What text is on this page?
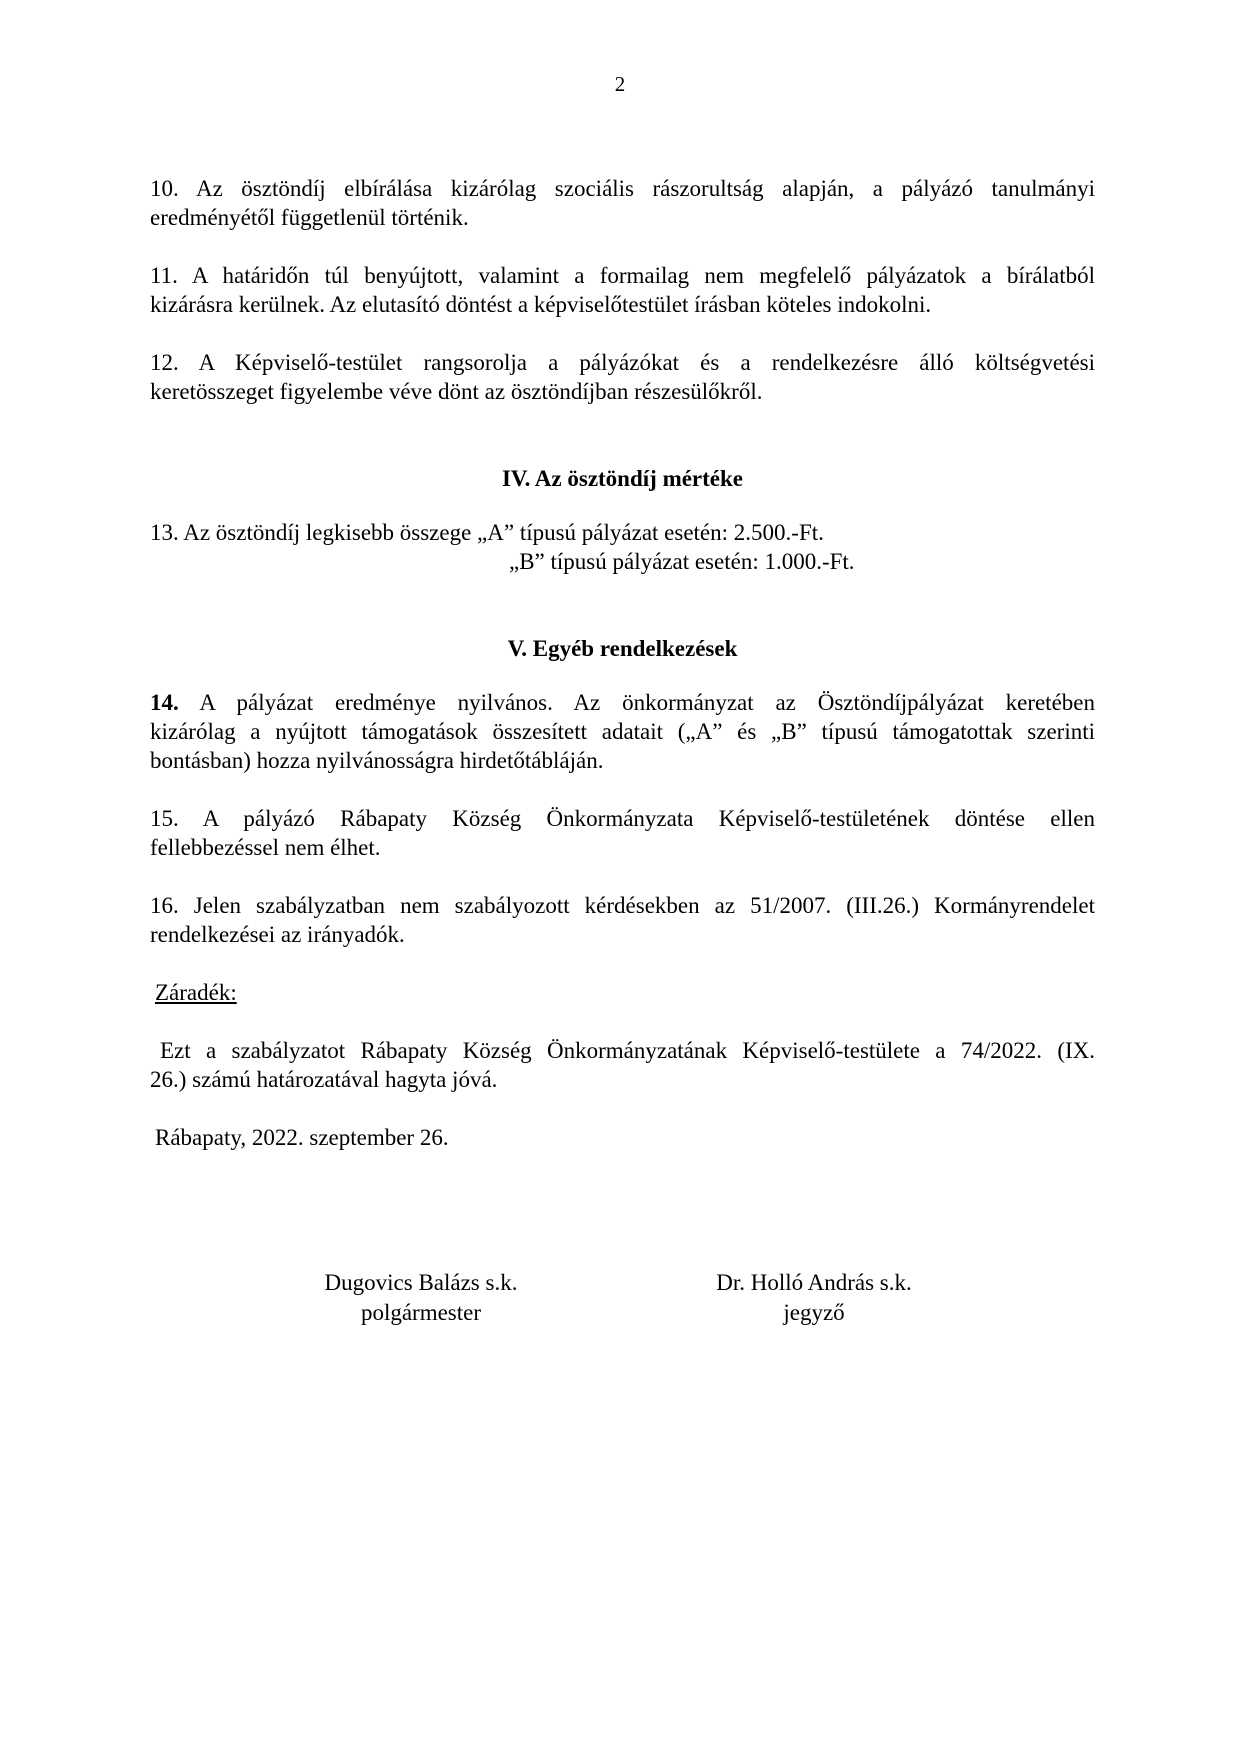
2
10. Az ösztöndíj elbírálása kizárólag szociális rászorultság alapján, a pályázó tanulmányi
eredményétől függetlenül történik.
11. A határidőn túl benyújtott, valamint a formailag nem megfelelő pályázatok a bírálatból
kizárásra kerülnek. Az elutasító döntést a képviselőtestület írásban köteles indokolni.
12. A Képviselő-testület rangsorolja a pályázókat és a rendelkezésre álló költségvetési
keretösszeget figyelembe véve dönt az ösztöndíjban részesülőkről.
IV. Az ösztöndíj mértéke
13. Az ösztöndíj legkisebb összege „A” típusú pályázat esetén: 2.500.-Ft.
„B” típusú pályázat esetén: 1.000.-Ft.
V. Egyéb rendelkezések
14. A pályázat eredménye nyilvános. Az önkormányzat az Ösztöndíjpályázat keretében
kizárólag a nyújtott támogatások összesített adatait („A” és „B” típusú támogatottak szerinti
bontásban) hozza nyilvánosságra hirdetőtábláján.
15. A pályázó Rábapaty Község Önkormányzata Képviselő-testületének döntése ellen
fellebbezéssel nem élhet.
16. Jelen szabályzatban nem szabályozott kérdésekben az 51/2007. (III.26.) Kormányrendelet
rendelkezései az irányadók.
Záradék:
Ezt a szabályzatot Rábapaty Község Önkormányzatának Képviselő-testülete a 74/2022. (IX.
26.) számú határozatával hagyta jóvá.
Rábapaty, 2022. szeptember 26.
Dugovics Balázs s.k.
polgármester
Dr. Holló András s.k.
jegyző
